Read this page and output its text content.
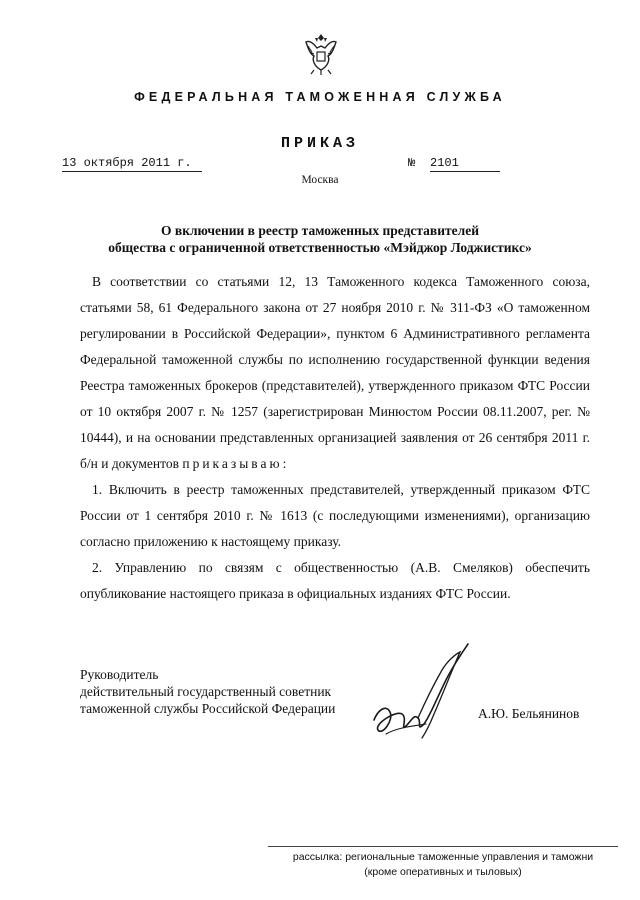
ФЕДЕРАЛЬНАЯ ТАМОЖЕННАЯ СЛУЖБА
ПРИКАЗ
13 октября 2011 г.	№ 2101
Москва
О включении в реестр таможенных представителей
общества с ограниченной ответственностью «Мэйджор Лоджистикс»

В соответствии со статьями 12, 13 Таможенного кодекса Таможенного союза, статьями 58, 61 Федерального закона от 27 ноября 2010 г. № 311-ФЗ «О таможенном регулировании в Российской Федерации», пунктом 6 Административного регламента Федеральной таможенной службы по исполнению государственной функции ведения Реестра таможенных брокеров (представителей), утвержденного приказом ФТС России от 10 октября 2007 г. № 1257 (зарегистрирован Минюстом России 08.11.2007, рег. № 10444), и на основании представленных организацией заявления от 26 сентября 2011 г. б/н и документов приказываю:

1. Включить в реестр таможенных представителей, утвержденный приказом ФТС России от 1 сентября 2010 г. № 1613 (с последующими изменениями), организацию согласно приложению к настоящему приказу.

2. Управлению по связям с общественностью (А.В. Смеляков) обеспечить опубликование настоящего приказа в официальных изданиях ФТС России.

Руководитель
действительный государственный советник
таможенной службы Российской Федерации	А.Ю. Бельянинов
рассылка: региональные таможенные управления и таможни
(кроме оперативных и тыловых)
